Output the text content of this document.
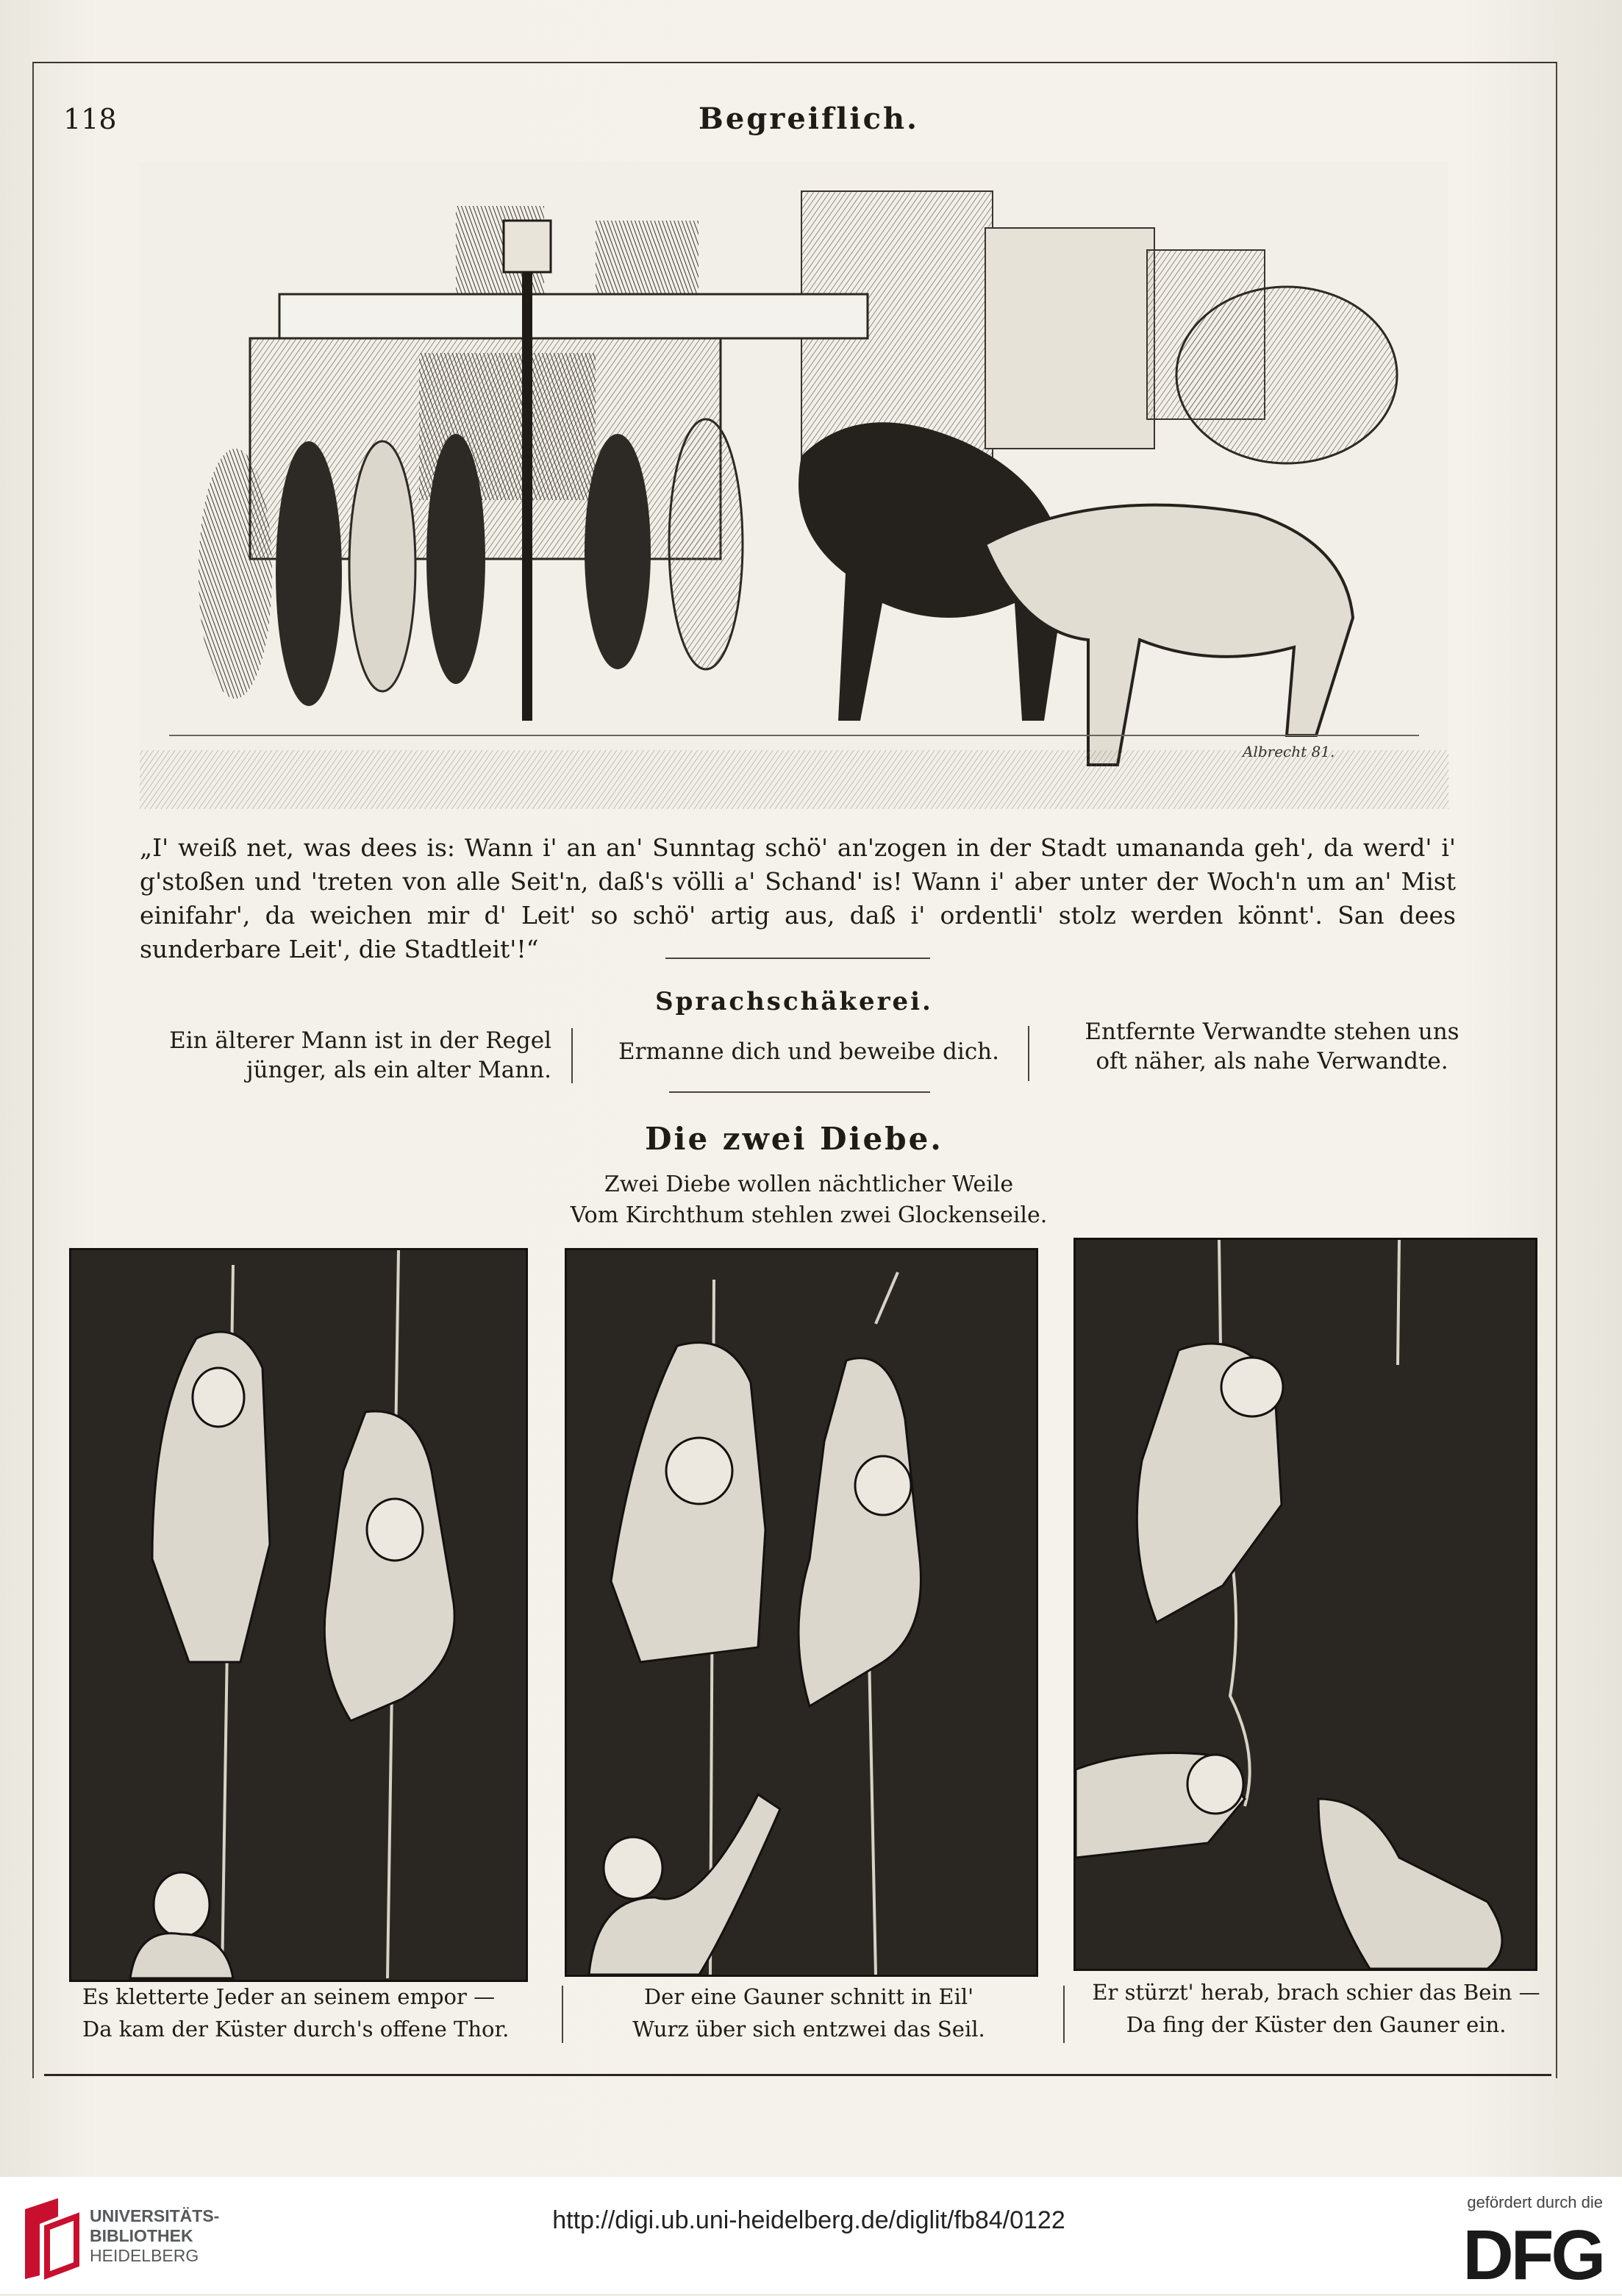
118	Begreiflich.
Albrecht 81.
„I' weiß net, was dees is: Wann i' an an' Sunntag schö' an'zogen in der Stadt umananda geh', da werd' i' g'stoßen und 'treten von alle Seit'n, daß's völli a' Schand' is! Wann i' aber unter der Woch'n um an' Mist einifahr', da weichen mir d' Leit' so schö' artig aus, daß i' ordentli' stolz werden könnt'. San dees sunderbare Leit', die Stadtleit'!“
Sprachschäkerei.
Ein älterer Mann ist in der Regel
jünger, als ein alter Mann.
Ermanne dich und beweibe dich.
Entfernte Verwandte stehen uns
oft näher, als nahe Verwandte.
Die zwei Diebe.
Zwei Diebe wollen nächtlicher Weile
Vom Kirchthum stehlen zwei Glockenseile.
Es kletterte Jeder an seinem empor —
Da kam der Küster durch's offene Thor.
Der eine Gauner schnitt in Eil'
Wurz über sich entzwei das Seil.
Er stürzt' herab, brach schier das Bein —
Da fing der Küster den Gauner ein.
UNIVERSITÄTS-
BIBLIOTHEK
HEIDELBERG
http://digi.ub.uni-heidelberg.de/diglit/fb84/0122
gefördert durch die
DFG
